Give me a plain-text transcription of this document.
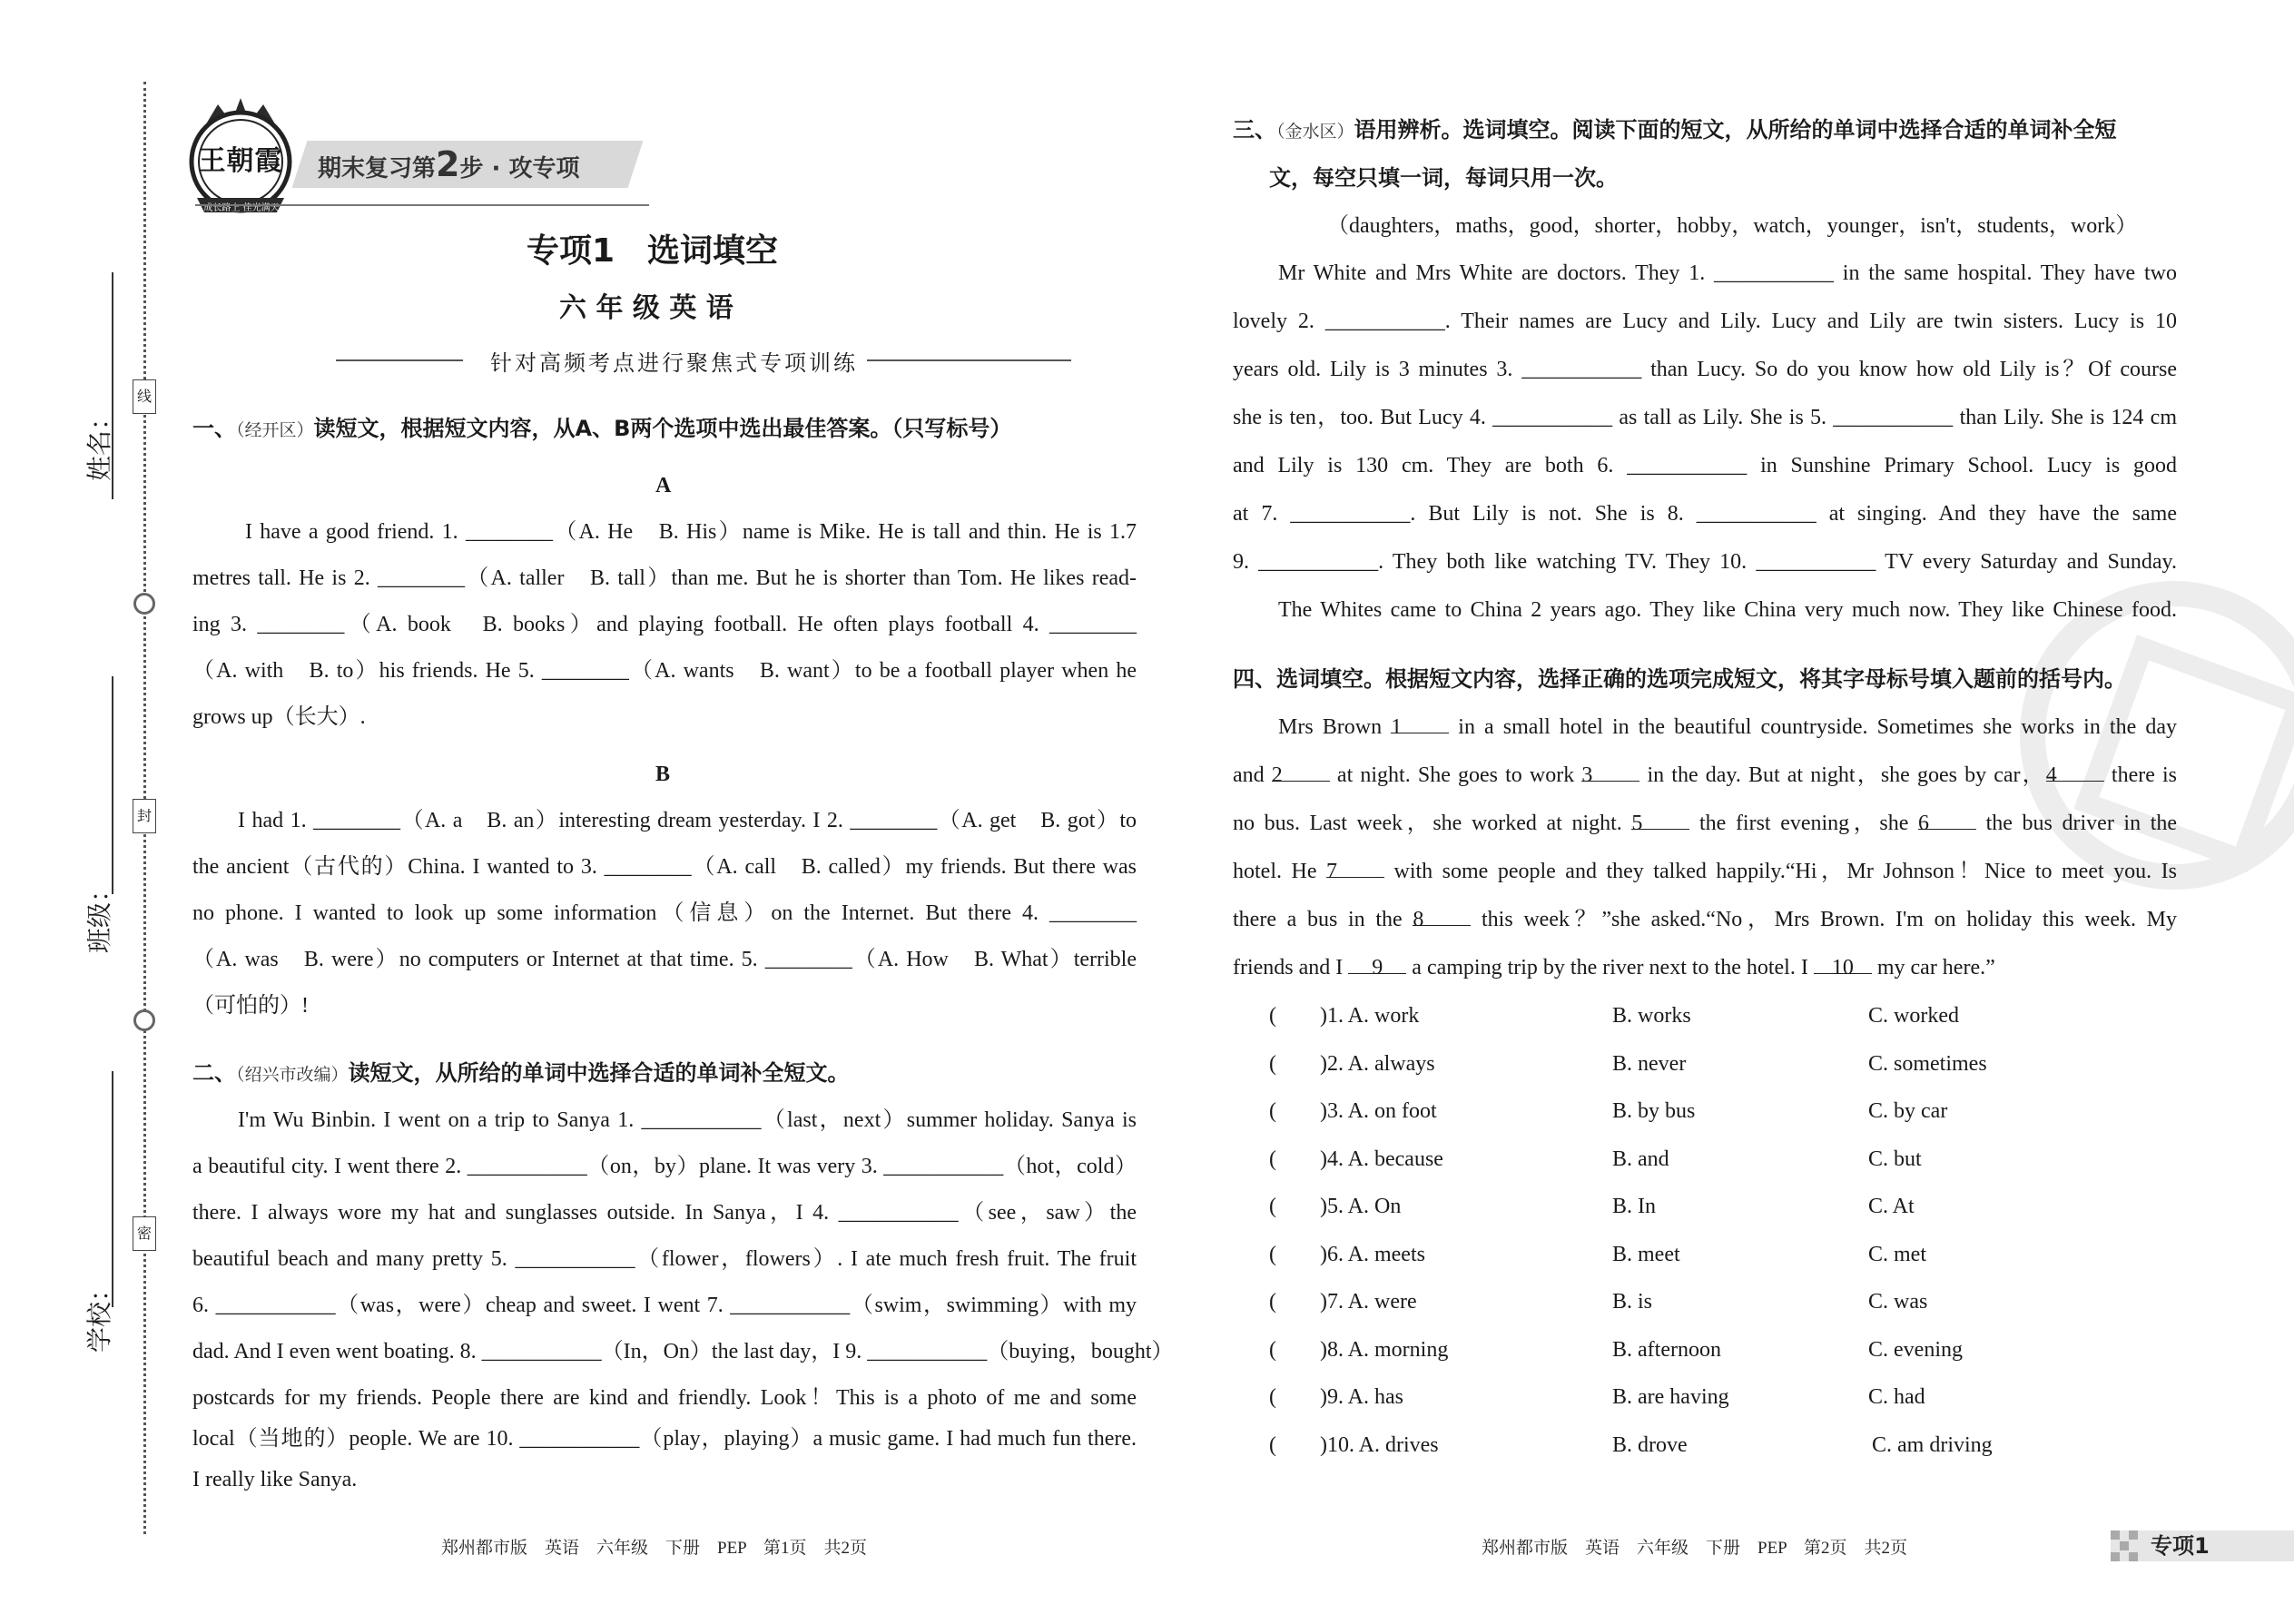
姓名：
班级：
学校：
线
封
密
王朝霞
成长路上 佳光满天
期末复习第2步 · 攻专项
专项1　选词填空
六 年 级 英 语
针对高频考点进行聚焦式专项训练
一、（经开区）读短文，根据短文内容，从A、B两个选项中选出最佳答案。（只写标号）
A
I have a good friend. 1. ________（A. He　B. His）name is Mike. He is tall and thin. He is 1.7
metres tall. He is 2. ________（A. taller　B. tall）than me. But he is shorter than Tom. He likes read-
ing 3. ________（A. book　B. books）and playing football. He often plays football 4. ________
（A. with　B. to）his friends. He 5. ________（A. wants　B. want）to be a football player when he
grows up（长大）.
B
I had 1. ________（A. a　B. an）interesting dream yesterday. I 2. ________（A. get　B. got）to
the ancient（古代的）China. I wanted to 3. ________（A. call　B. called）my friends. But there was
no phone. I wanted to look up some information（信息）on the Internet. But there 4. ________
（A. was　B. were）no computers or Internet at that time. 5. ________（A. How　B. What）terrible
（可怕的）!
二、（绍兴市改编）读短文，从所给的单词中选择合适的单词补全短文。
I'm Wu Binbin. I went on a trip to Sanya 1. ___________（last，next）summer holiday. Sanya is
a beautiful city. I went there 2. ___________（on，by）plane. It was very 3. ___________（hot，cold）
there. I always wore my hat and sunglasses outside. In Sanya，I 4. ___________（see，saw）the
beautiful beach and many pretty 5. ___________（flower，flowers）. I ate much fresh fruit. The fruit
6. ___________（was，were）cheap and sweet. I went 7. ___________（swim，swimming）with my
dad. And I even went boating. 8. ___________（In，On）the last day，I 9. ___________（buying，bought）
postcards for my friends. People there are kind and friendly. Look！This is a photo of me and some
local（当地的）people. We are 10. ___________（play，playing）a music game. I had much fun there.
I really like Sanya.
郑州都市版　英语　六年级　下册　PEP　第1页　共2页
三、（金水区）语用辨析。选词填空。阅读下面的短文，从所给的单词中选择合适的单词补全短
文，每空只填一词，每词只用一次。
（daughters，maths，good，shorter，hobby，watch，younger，isn't，students，work）
Mr White and Mrs White are doctors. They 1. ___________ in the same hospital. They have two
lovely 2. ___________. Their names are Lucy and Lily. Lucy and Lily are twin sisters. Lucy is 10
years old. Lily is 3 minutes 3. ___________ than Lucy. So do you know how old Lily is？Of course
she is ten，too. But Lucy 4. ___________ as tall as Lily. She is 5. ___________ than Lily. She is 124 cm
and Lily is 130 cm. They are both 6. ___________ in Sunshine Primary School. Lucy is good
at 7. ___________. But Lily is not. She is 8. ___________ at singing. And they have the same
9. ___________. They both like watching TV. They 10. ___________ TV every Saturday and Sunday.
The Whites came to China 2 years ago. They like China very much now. They like Chinese food.
四、选词填空。根据短文内容，选择正确的选项完成短文，将其字母标号填入题前的括号内。
Mrs Brown 1 in a small hotel in the beautiful countryside. Sometimes she works in the day
and 2 at night. She goes to work 3 in the day. But at night，she goes by car，4 there is
no bus. Last week，she worked at night. 5 the first evening，she 6 the bus driver in the
hotel. He 7 with some people and they talked happily.“Hi，Mr Johnson！Nice to meet you. Is
there a bus in the 8 this week？”she asked.“No，Mrs Brown. I'm on holiday this week. My
friends and I 9 a camping trip by the river next to the hotel. I 10 my car here.”
(　　)1. A. work	B. works	C. worked
(　　)2. A. always	B. never	C. sometimes
(　　)3. A. on foot	B. by bus	C. by car
(　　)4. A. because	B. and	C. but
(　　)5. A. On	B. In	C. At
(　　)6. A. meets	B. meet	C. met
(　　)7. A. were	B. is	C. was
(　　)8. A. morning	B. afternoon	C. evening
(　　)9. A. has	B. are having	C. had
(　　)10. A. drives	B. drove	C. am driving
郑州都市版　英语　六年级　下册　PEP　第2页　共2页	专项1
